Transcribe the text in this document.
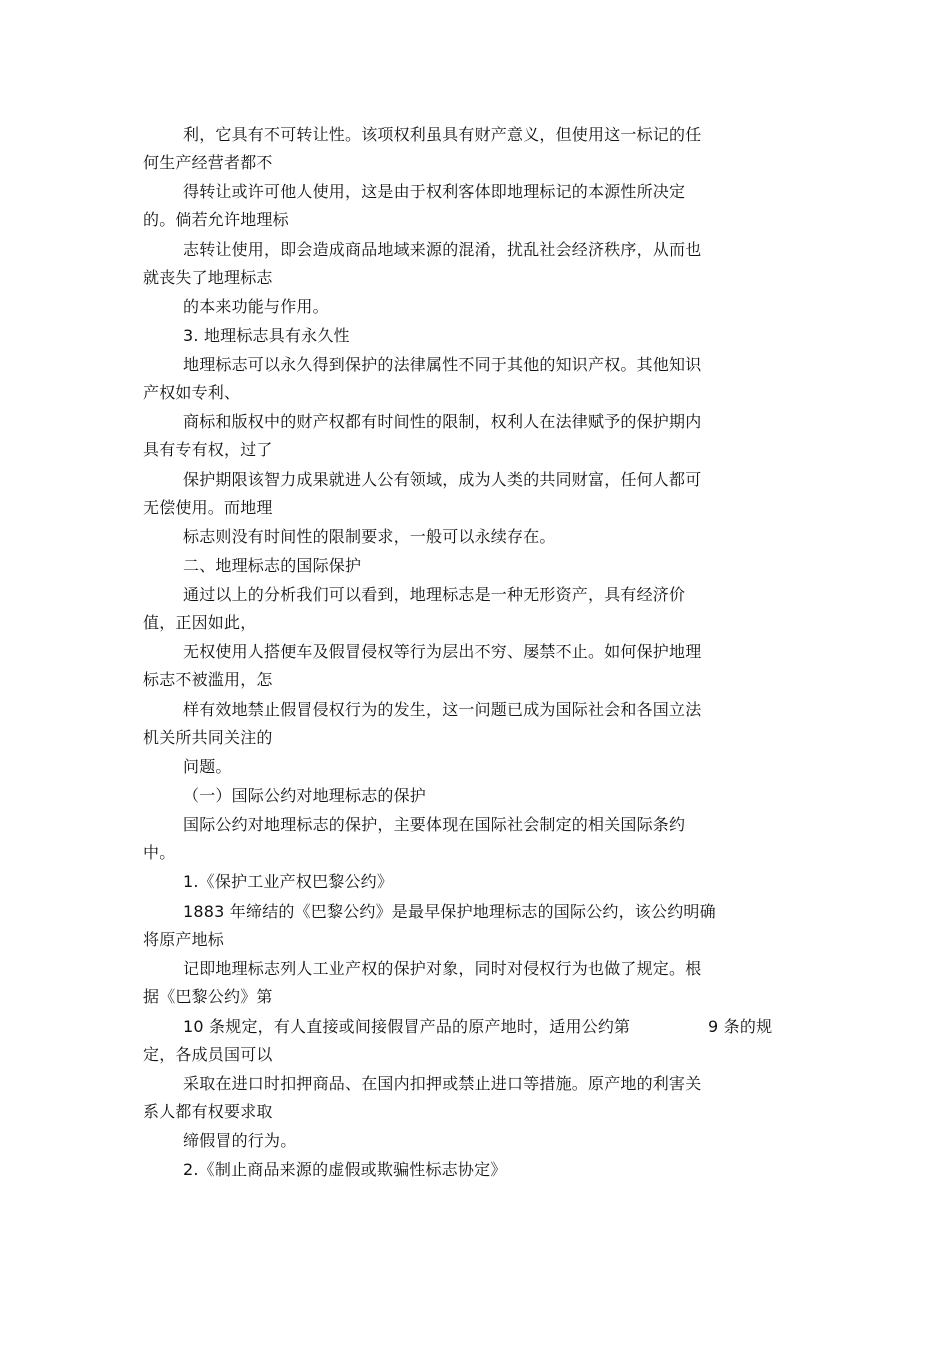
利，它具有不可转让性。该项权利虽具有财产意义，但使用这一标记的任
何生产经营者都不
得转让或许可他人使用，这是由于权利客体即地理标记的本源性所决定
的。倘若允许地理标
志转让使用，即会造成商品地域来源的混淆，扰乱社会经济秩序，从而也
就丧失了地理标志
的本来功能与作用。
3. 地理标志具有永久性
地理标志可以永久得到保护的法律属性不同于其他的知识产权。其他知识
产权如专利、
商标和版权中的财产权都有时间性的限制，权利人在法律赋予的保护期内
具有专有权，过了
保护期限该智力成果就进人公有领域，成为人类的共同财富，任何人都可
无偿使用。而地理
标志则没有时间性的限制要求，一般可以永续存在。
二、地理标志的国际保护
通过以上的分析我们可以看到，地理标志是一种无形资产，具有经济价
值，正因如此，
无权使用人搭便车及假冒侵权等行为层出不穷、屡禁不止。如何保护地理
标志不被滥用，怎
样有效地禁止假冒侵权行为的发生，这一问题已成为国际社会和各国立法
机关所共同关注的
问题。
（一）国际公约对地理标志的保护
国际公约对地理标志的保护，主要体现在国际社会制定的相关国际条约
中。
1.《保护工业产权巴黎公约》
1883 年缔结的《巴黎公约》是最早保护地理标志的国际公约，该公约明确
将原产地标
记即地理标志列人工业产权的保护对象，同时对侵权行为也做了规定。根
据《巴黎公约》第
10 条规定，有人直接或间接假冒产品的原产地时，适用公约第	9 条的规
定，各成员国可以
采取在进口时扣押商品、在国内扣押或禁止进口等措施。原产地的利害关
系人都有权要求取
缔假冒的行为。
2.《制止商品来源的虚假或欺骗性标志协定》
